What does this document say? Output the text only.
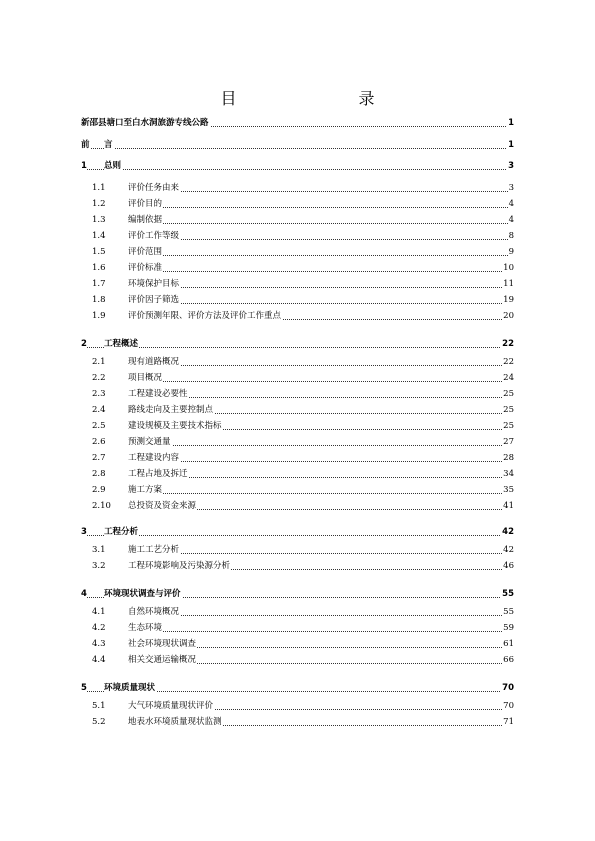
目　　录
新邵县塘口至白水洞旅游专线公路	1
前 言	1
1 总则	3
1.1	评价任务由来	3
1.2	评价目的	4
1.3	编制依据	4
1.4	评价工作等级	8
1.5	评价范围	9
1.6	评价标准	10
1.7	环境保护目标	11
1.8	评价因子筛选	19
1.9	评价预测年限、评价方法及评价工作重点	20
2 工程概述	22
2.1	现有道路概况	22
2.2	项目概况	24
2.3	工程建设必要性	25
2.4	路线走向及主要控制点	25
2.5	建设规模及主要技术指标	25
2.6	预测交通量	27
2.7	工程建设内容	28
2.8	工程占地及拆迁	34
2.9	施工方案	35
2.10 总投资及资金来源	41
3 工程分析	42
3.1	施工工艺分析	42
3.2	工程环境影响及污染源分析	46
4 环境现状调查与评价	55
4.1	自然环境概况	55
4.2	生态环境	59
4.3	社会环境现状调查	61
4.4	相关交通运输概况	66
5 环境质量现状	70
5.1	大气环境质量现状评价	70
5.2	地表水环境质量现状监测	71
